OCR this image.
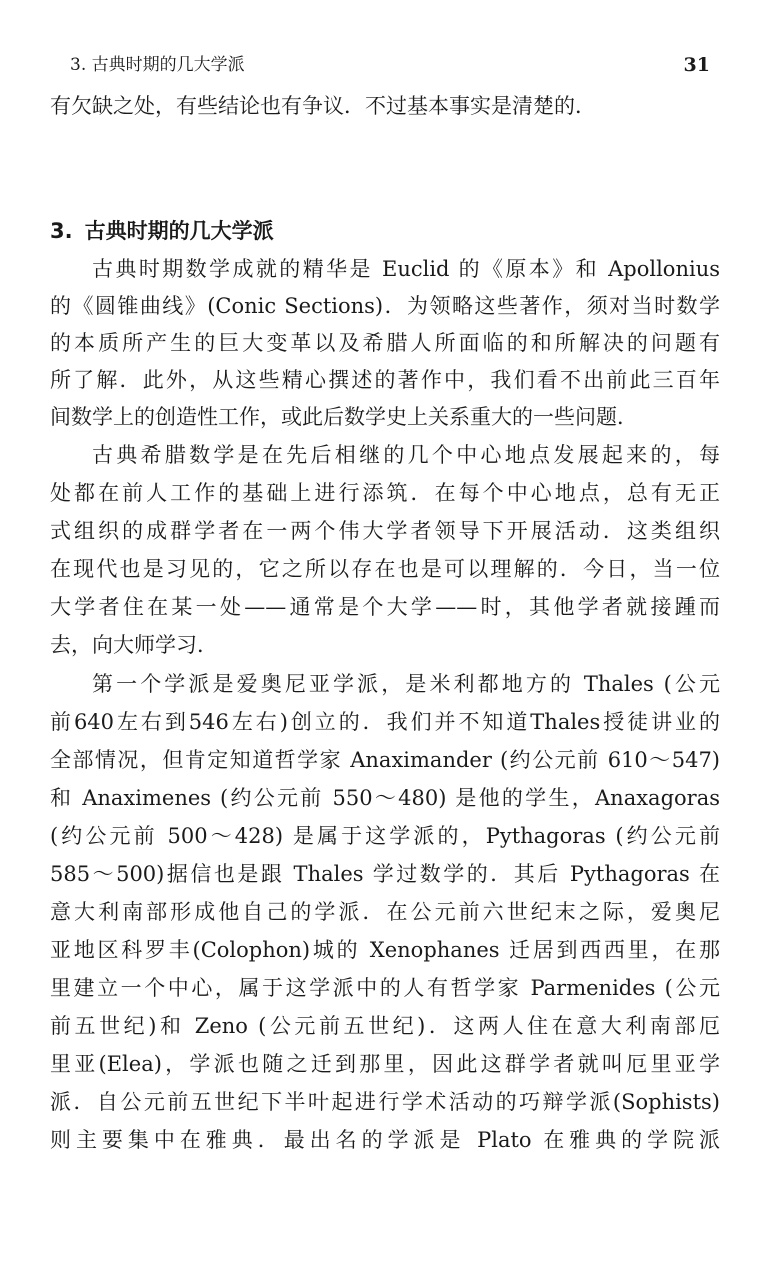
3. 古典时期的几大学派	31
有欠缺之处，有些结论也有争议．不过基本事实是清楚的．
3. 古典时期的几大学派
古典时期数学成就的精华是 Euclid 的《原本》和 Apollonius
的《圆锥曲线》(Conic Sections)．为领略这些著作，须对当时数学
的本质所产生的巨大变革以及希腊人所面临的和所解决的问题有
所了解．此外，从这些精心撰述的著作中，我们看不出前此三百年
间数学上的创造性工作，或此后数学史上关系重大的一些问题．
古典希腊数学是在先后相继的几个中心地点发展起来的，每
处都在前人工作的基础上进行添筑．在每个中心地点，总有无正
式组织的成群学者在一两个伟大学者领导下开展活动．这类组织
在现代也是习见的，它之所以存在也是可以理解的．今日，当一位
大学者住在某一处——通常是个大学——时，其他学者就接踵而
去，向大师学习．
第一个学派是爱奥尼亚学派，是米利都地方的 Thales (公元
前640左右到546左右)创立的．我们并不知道Thales授徒讲业的
全部情况，但肯定知道哲学家 Anaximander (约公元前 610～547)
和 Anaximenes (约公元前 550～480) 是他的学生，Anaxagoras
(约公元前 500～428) 是属于这学派的，Pythagoras (约公元前
585～500)据信也是跟 Thales 学过数学的．其后 Pythagoras 在
意大利南部形成他自己的学派．在公元前六世纪末之际，爱奥尼
亚地区科罗丰(Colophon)城的 Xenophanes 迁居到西西里，在那
里建立一个中心，属于这学派中的人有哲学家 Parmenides (公元
前五世纪)和 Zeno (公元前五世纪)．这两人住在意大利南部厄
里亚(Elea)，学派也随之迁到那里，因此这群学者就叫厄里亚学
派．自公元前五世纪下半叶起进行学术活动的巧辩学派(Sophists)
则主要集中在雅典．最出名的学派是 Plato 在雅典的学院派
